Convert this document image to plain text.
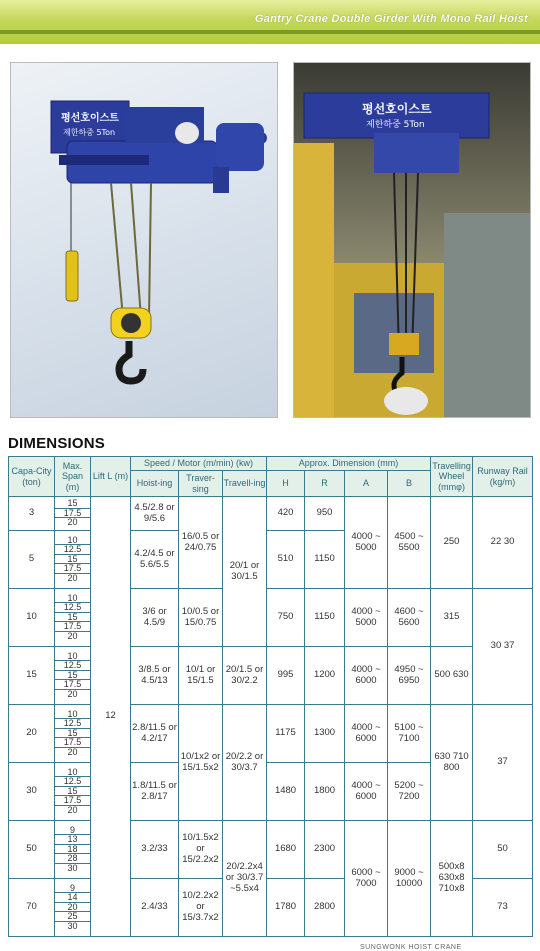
Gantry Crane Double Girder With Mono Rail Hoist
평선호이스트
제한하중 5Ton
평선호이스트
제한하중 5Ton
DIMENSIONS
Capa-City (ton)	Max. Span (m)	Lift L (m)	Speed / Motor (m/min) (kw)			Approx. Dimension (mm)				Travelling Wheel (mmφ)	Runway Rail (kg/m)
			Hoist-ing	Traver-sing	Travell-ing	H	R	A	B		
3	15
17.5
20	12	4.5/2.8 or 9/5.6	16/0.5 or 24/0.75	20/1 or 30/1.5	420	950	4000 ~ 5000	4500 ~ 5500	250	22 30
5	10
12.5
15
17.5
20		4.2/4.5 or 5.6/5.5			510	1150				
10	10
12.5
15
17.5
20		3/6 or 4.5/9	10/0.5 or 15/0.75		750	1150	4000 ~ 5000	4600 ~ 5600	315	30 37
15	10
12.5
15
17.5
20		3/8.5 or 4.5/13	10/1 or 15/1.5	20/1.5 or 30/2.2	995	1200	4000 ~ 6000	4950 ~ 6950	500 630	
20	10
12.5
15
17.5
20		2.8/11.5 or 4.2/17	10/1x2 or 15/1.5x2	20/2.2 or 30/3.7	1175	1300	4000 ~ 6000	5100 ~ 7100	630 710 800	37
30	10
12.5
15
17.5
20		1.8/11.5 or 2.8/17			1480	1800	4000 ~ 6000	5200 ~ 7200		
50	9
13
18
28
30		3.2/33	10/1.5x2 or 15/2.2x2	20/2.2x4 or 30/3.7 ~5.5x4	1680	2300	6000 ~ 7000	9000 ~ 10000	500x8 630x8 710x8	50
70	9
14
20
25
30		2.4/33	10/2.2x2 or 15/3.7x2		1780	2800				73
SUNGWONK HOIST CRANE
